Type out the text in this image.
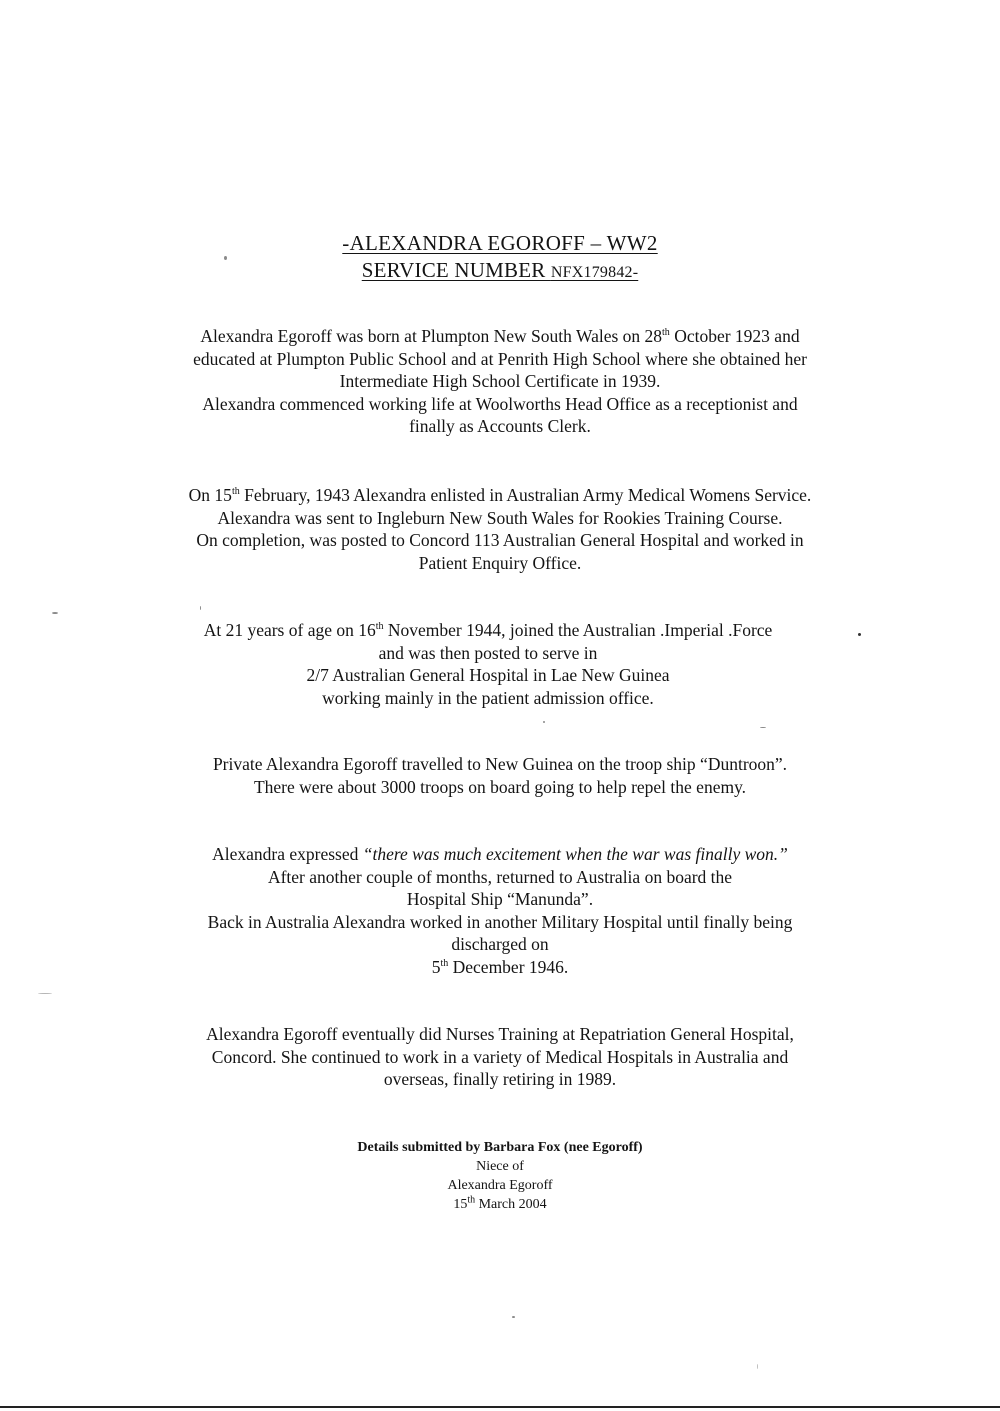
-ALEXANDRA EGOROFF – WW2
SERVICE NUMBER NFX179842-
Alexandra Egoroff was born at Plumpton New South Wales on 28th October 1923 and
educated at Plumpton Public School and at Penrith High School where she obtained her
Intermediate High School Certificate in 1939.
Alexandra commenced working life at Woolworths Head Office as a receptionist and
finally as Accounts Clerk.
On 15th February, 1943 Alexandra enlisted in Australian Army Medical Womens Service.
Alexandra was sent to Ingleburn New South Wales for Rookies Training Course.
On completion, was posted to Concord 113 Australian General Hospital and worked in
Patient Enquiry Office.
At 21 years of age on 16th November 1944, joined the Australian .Imperial .Force
and was then posted to serve in
2/7 Australian General Hospital in Lae New Guinea
working mainly in the patient admission office.
Private Alexandra Egoroff travelled to New Guinea on the troop ship “Duntroon”.
There were about 3000 troops on board going to help repel the enemy.
Alexandra expressed “there was much excitement when the war was finally won.”
After another couple of months, returned to Australia on board the
Hospital Ship “Manunda”.
Back in Australia Alexandra worked in another Military Hospital until finally being
discharged on
5th December 1946.
Alexandra Egoroff eventually did Nurses Training at Repatriation General Hospital,
Concord. She continued to work in a variety of Medical Hospitals in Australia and
overseas, finally retiring in 1989.
Details submitted by Barbara Fox (nee Egoroff)
Niece of
Alexandra Egoroff
15th March 2004
